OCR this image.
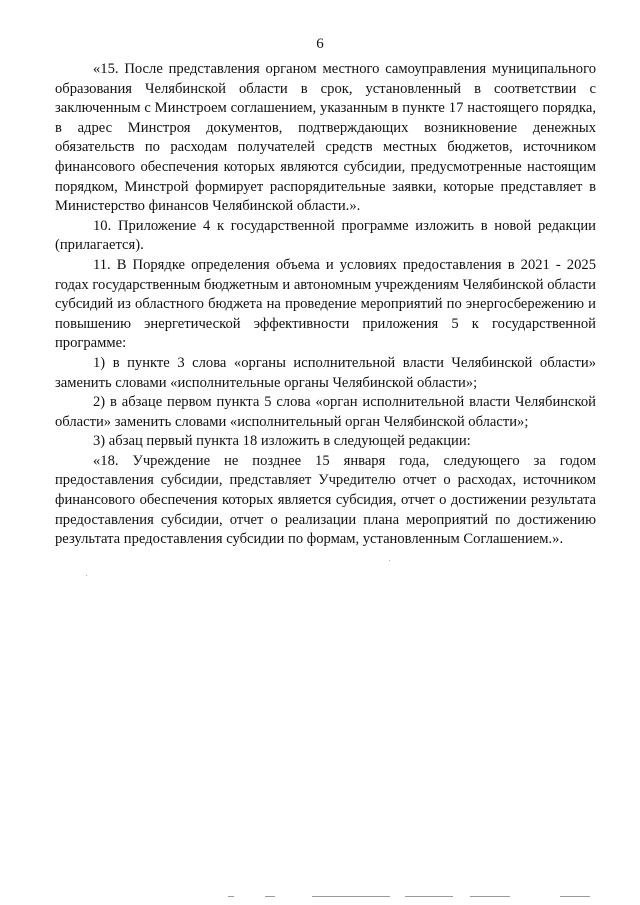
6

«15. После представления органом местного самоуправления муниципального образования Челябинской области в срок, установленный в соответствии с заключенным с Минстроем соглашением, указанным в пункте 17 настоящего порядка, в адрес Минстроя документов, подтверждающих возникновение денежных обязательств по расходам получателей средств местных бюджетов, источником финансового обеспечения которых являются субсидии, предусмотренные настоящим порядком, Минстрой формирует распорядительные заявки, которые представляет в Министерство финансов Челябинской области.».

10. Приложение 4 к государственной программе изложить в новой редакции (прилагается).

11. В Порядке определения объема и условиях предоставления в 2021 - 2025 годах государственным бюджетным и автономным учреждениям Челябинской области субсидий из областного бюджета на проведение мероприятий по энергосбережению и повышению энергетической эффективности приложения 5 к государственной программе:

1) в пункте 3 слова «органы исполнительной власти Челябинской области» заменить словами «исполнительные органы Челябинской области»;

2) в абзаце первом пункта 5 слова «орган исполнительной власти Челябинской области» заменить словами «исполнительный орган Челябинской области»;

3) абзац первый пункта 18 изложить в следующей редакции:

«18. Учреждение не позднее 15 января года, следующего за годом предоставления субсидии, представляет Учредителю отчет о расходах, источником финансового обеспечения которых является субсидия, отчет о достижении результата предоставления субсидии, отчет о реализации плана мероприятий по достижению результата предоставления субсидии по формам, установленным Соглашением.».
